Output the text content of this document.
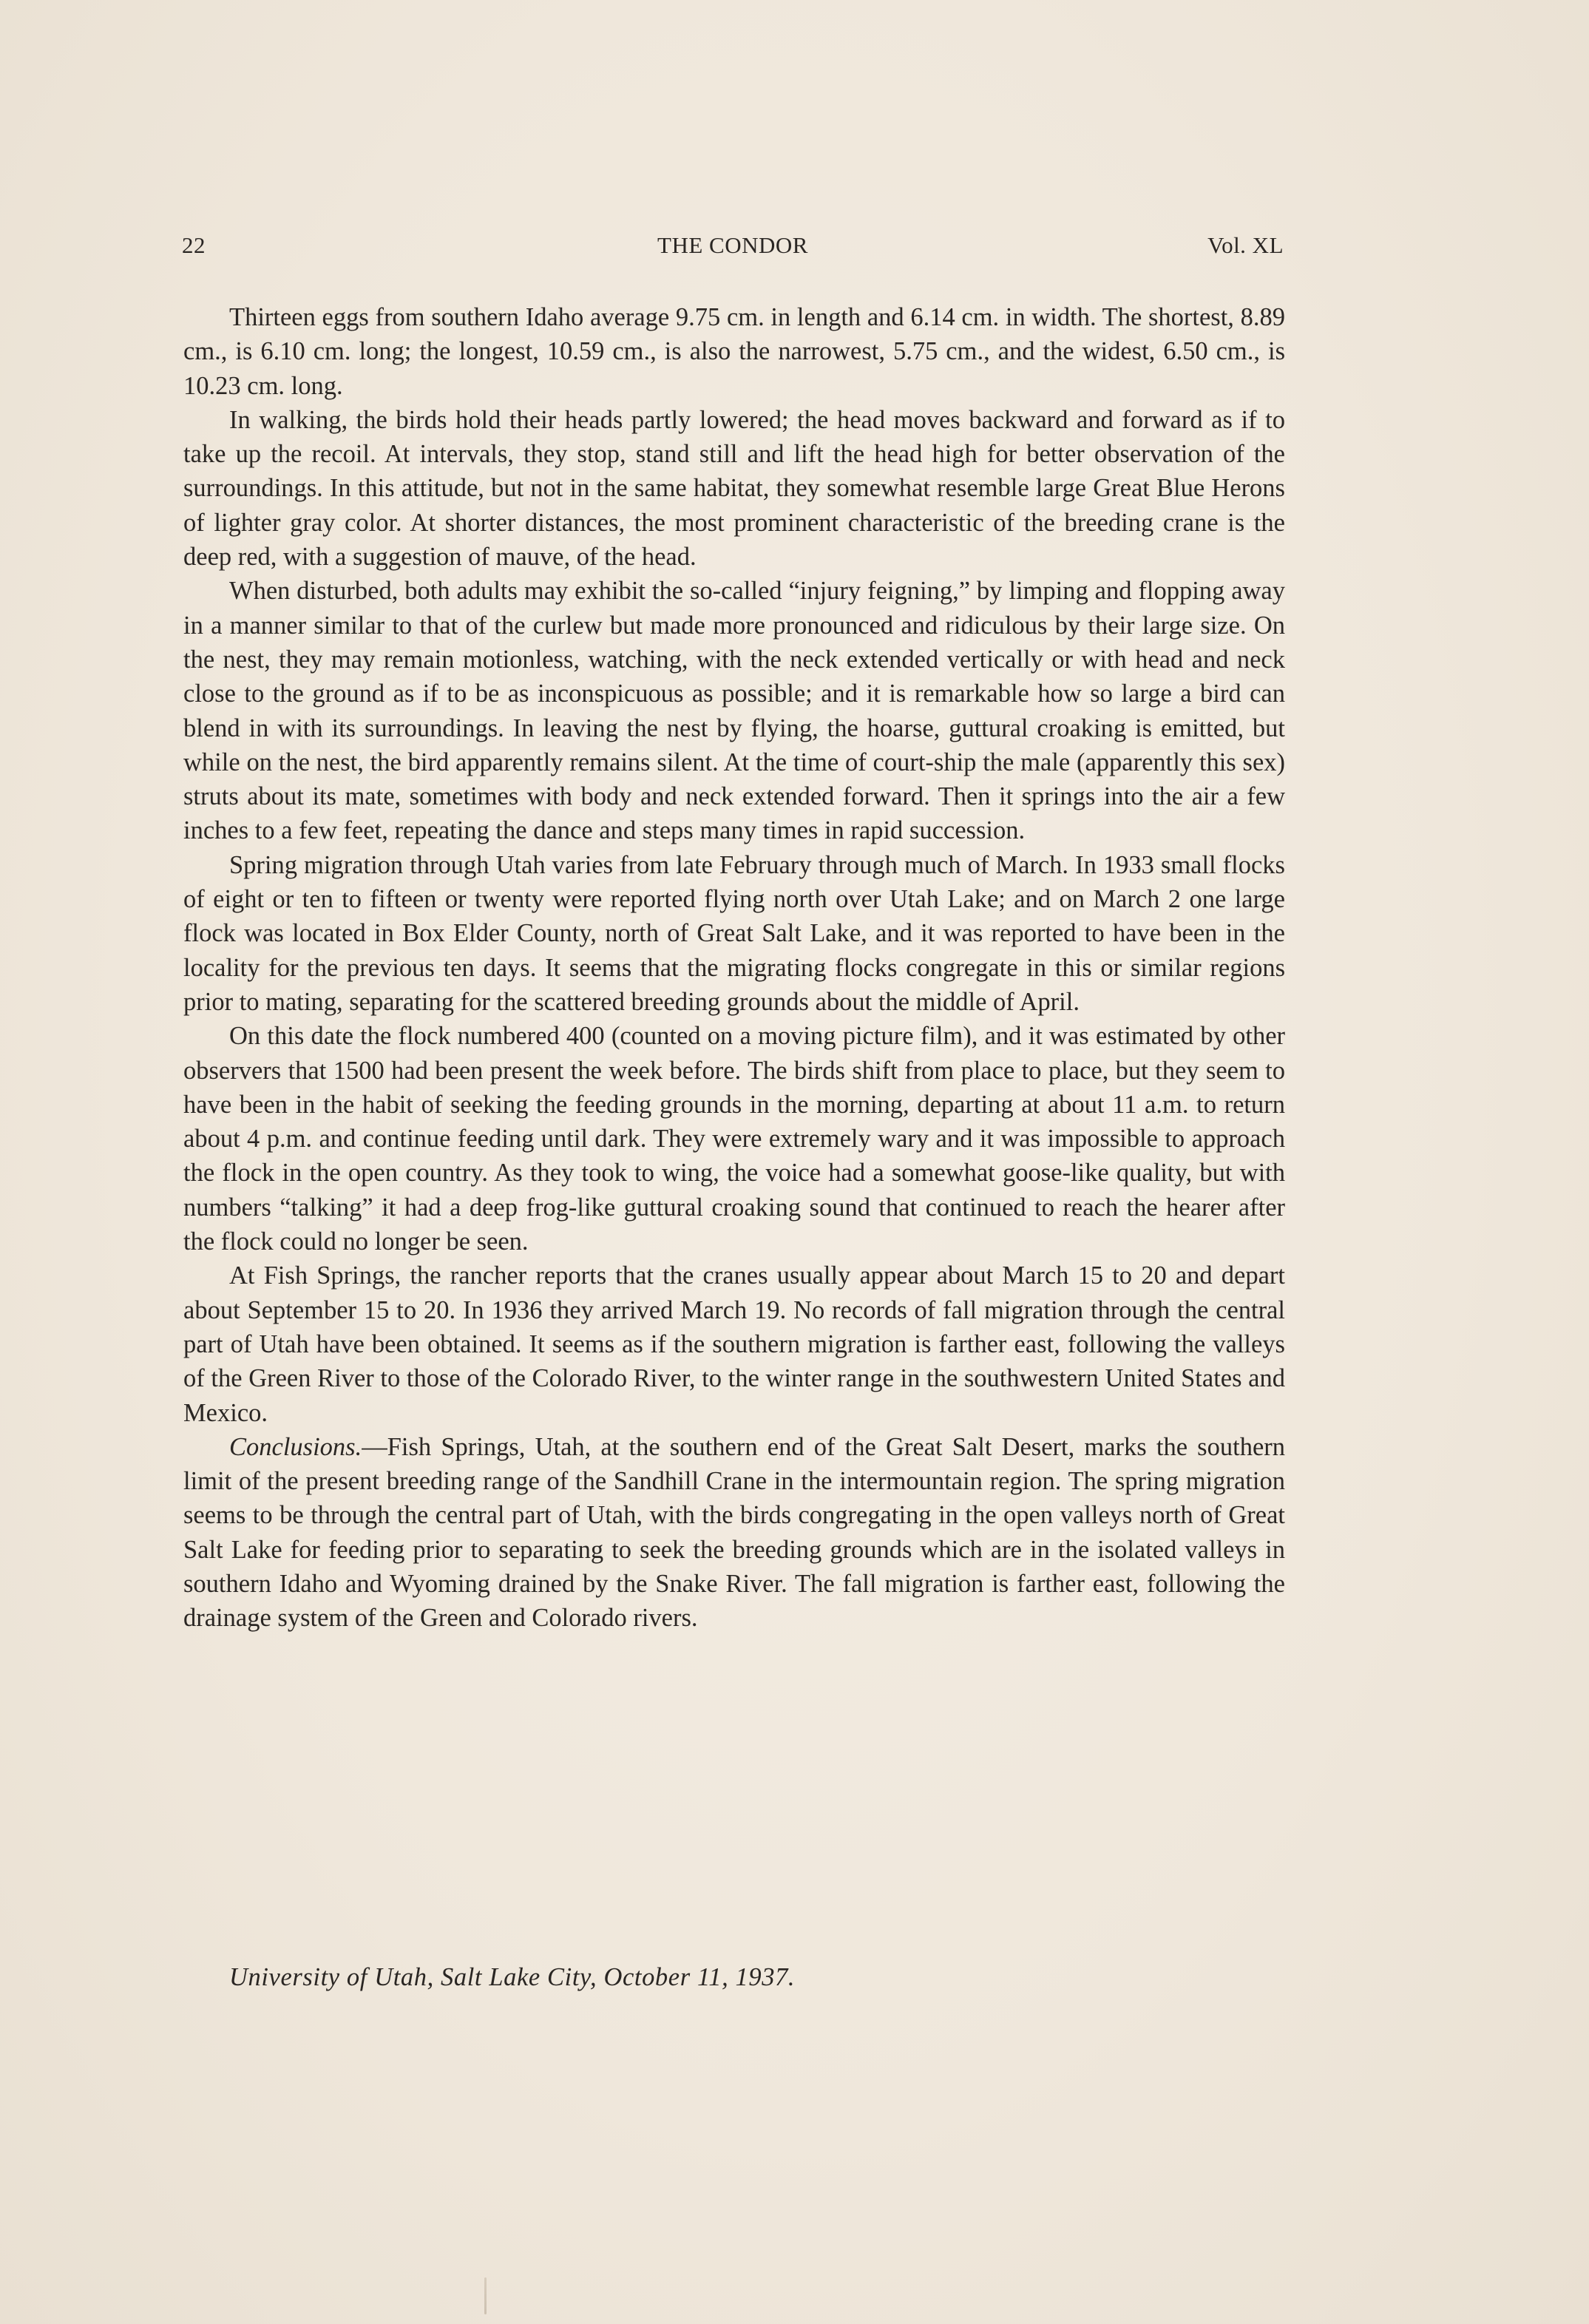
22	THE CONDOR	Vol. XL

Thirteen eggs from southern Idaho average 9.75 cm. in length and 6.14 cm. in width. The shortest, 8.89 cm., is 6.10 cm. long; the longest, 10.59 cm., is also the narrowest, 5.75 cm., and the widest, 6.50 cm., is 10.23 cm. long.

In walking, the birds hold their heads partly lowered; the head moves backward and forward as if to take up the recoil. At intervals, they stop, stand still and lift the head high for better observation of the surroundings. In this attitude, but not in the same habitat, they somewhat resemble large Great Blue Herons of lighter gray color. At shorter distances, the most prominent characteristic of the breeding crane is the deep red, with a suggestion of mauve, of the head.

When disturbed, both adults may exhibit the so-called “injury feigning,” by limping and flopping away in a manner similar to that of the curlew but made more pronounced and ridiculous by their large size. On the nest, they may remain motionless, watching, with the neck extended vertically or with head and neck close to the ground as if to be as inconspicuous as possible; and it is remarkable how so large a bird can blend in with its surroundings. In leaving the nest by flying, the hoarse, guttural croaking is emitted, but while on the nest, the bird apparently remains silent. At the time of court-ship the male (apparently this sex) struts about its mate, sometimes with body and neck extended forward. Then it springs into the air a few inches to a few feet, repeating the dance and steps many times in rapid succession.

Spring migration through Utah varies from late February through much of March. In 1933 small flocks of eight or ten to fifteen or twenty were reported flying north over Utah Lake; and on March 2 one large flock was located in Box Elder County, north of Great Salt Lake, and it was reported to have been in the locality for the previous ten days. It seems that the migrating flocks congregate in this or similar regions prior to mating, separating for the scattered breeding grounds about the middle of April.

On this date the flock numbered 400 (counted on a moving picture film), and it was estimated by other observers that 1500 had been present the week before. The birds shift from place to place, but they seem to have been in the habit of seeking the feeding grounds in the morning, departing at about 11 a.m. to return about 4 p.m. and continue feeding until dark. They were extremely wary and it was impossible to approach the flock in the open country. As they took to wing, the voice had a somewhat goose-like quality, but with numbers “talking” it had a deep frog-like guttural croaking sound that continued to reach the hearer after the flock could no longer be seen.

At Fish Springs, the rancher reports that the cranes usually appear about March 15 to 20 and depart about September 15 to 20. In 1936 they arrived March 19. No records of fall migration through the central part of Utah have been obtained. It seems as if the southern migration is farther east, following the valleys of the Green River to those of the Colorado River, to the winter range in the southwestern United States and Mexico.

Conclusions.—Fish Springs, Utah, at the southern end of the Great Salt Desert, marks the southern limit of the present breeding range of the Sandhill Crane in the intermountain region. The spring migration seems to be through the central part of Utah, with the birds congregating in the open valleys north of Great Salt Lake for feeding prior to separating to seek the breeding grounds which are in the isolated valleys in southern Idaho and Wyoming drained by the Snake River. The fall migration is farther east, following the drainage system of the Green and Colorado rivers.

University of Utah, Salt Lake City, October 11, 1937.
